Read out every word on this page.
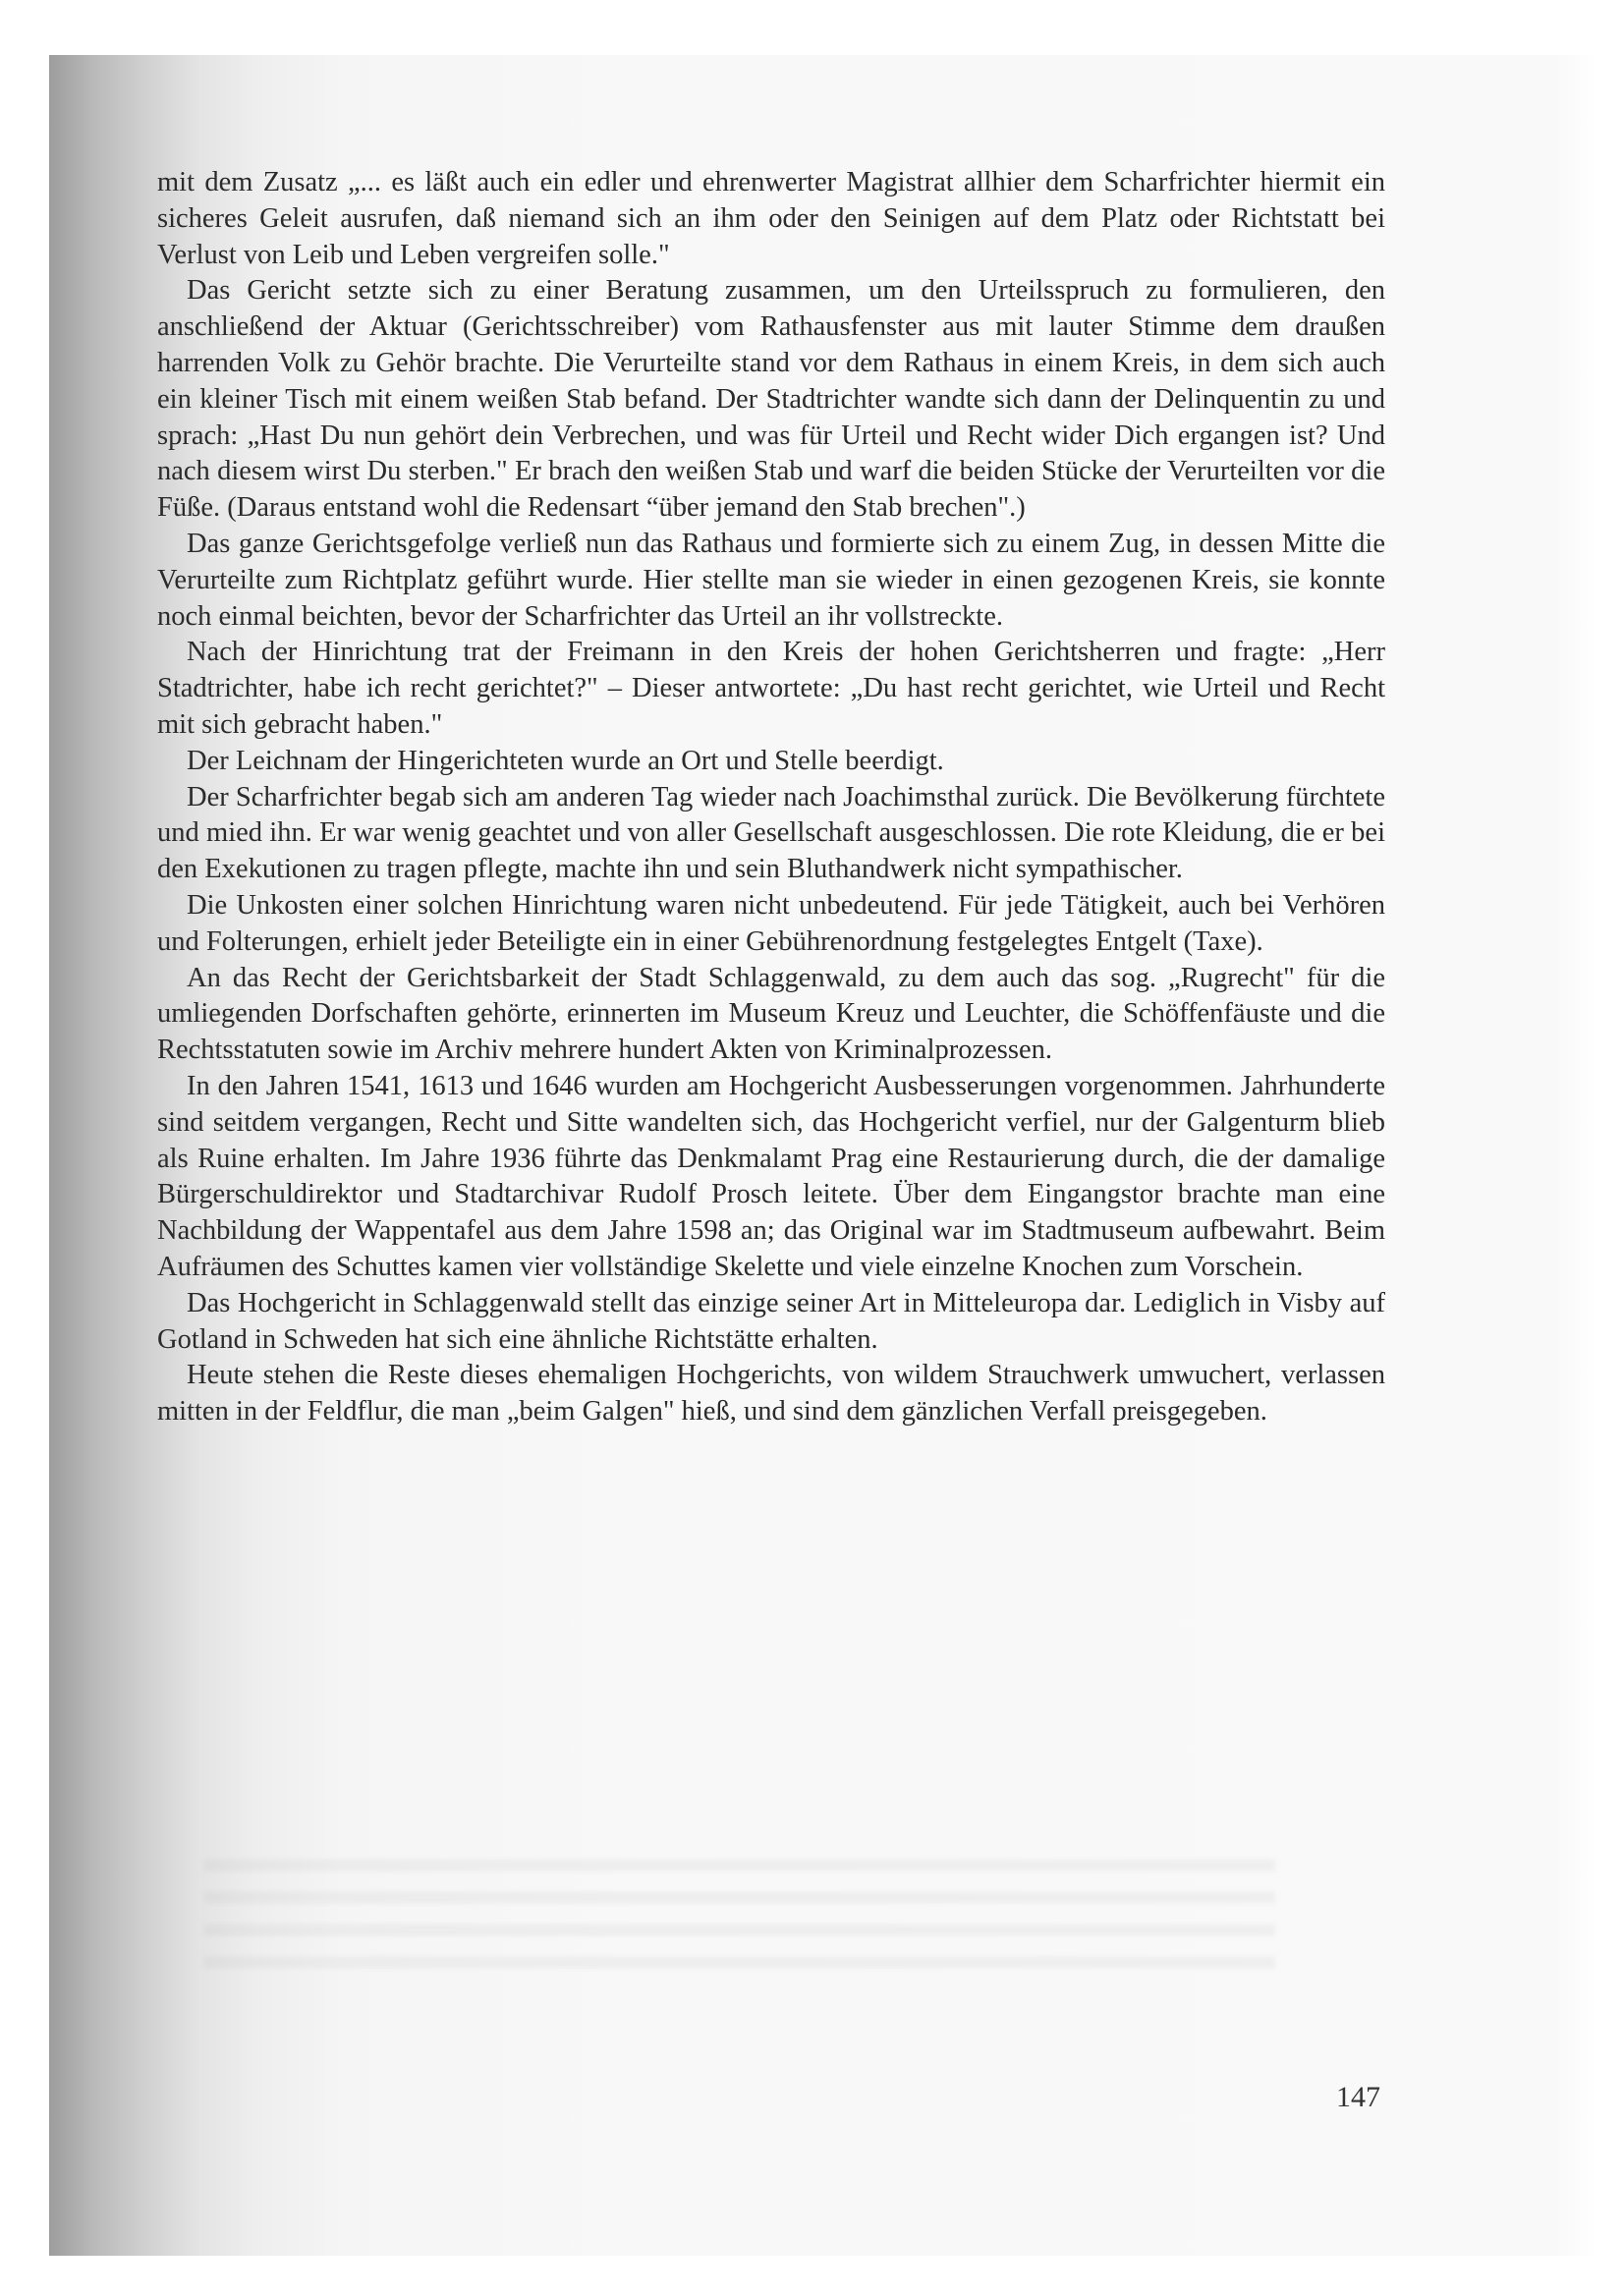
mit dem Zusatz „... es läßt auch ein edler und ehrenwerter Magistrat allhier dem Scharfrichter hiermit ein sicheres Geleit ausrufen, daß niemand sich an ihm oder den Seinigen auf dem Platz oder Richtstatt bei Verlust von Leib und Leben vergreifen solle."

Das Gericht setzte sich zu einer Beratung zusammen, um den Urteilsspruch zu formulieren, den anschließend der Aktuar (Gerichtsschreiber) vom Rathausfenster aus mit lauter Stimme dem draußen harrenden Volk zu Gehör brachte. Die Verurteilte stand vor dem Rathaus in einem Kreis, in dem sich auch ein kleiner Tisch mit einem weißen Stab befand. Der Stadtrichter wandte sich dann der Delinquentin zu und sprach: „Hast Du nun gehört dein Verbrechen, und was für Urteil und Recht wider Dich ergangen ist? Und nach diesem wirst Du sterben." Er brach den weißen Stab und warf die beiden Stücke der Verurteilten vor die Füße. (Daraus entstand wohl die Redensart “über jemand den Stab brechen".)

Das ganze Gerichtsgefolge verließ nun das Rathaus und formierte sich zu einem Zug, in dessen Mitte die Verurteilte zum Richtplatz geführt wurde. Hier stellte man sie wieder in einen gezogenen Kreis, sie konnte noch einmal beichten, bevor der Scharfrichter das Urteil an ihr vollstreckte.

Nach der Hinrichtung trat der Freimann in den Kreis der hohen Gerichtsherren und fragte: „Herr Stadtrichter, habe ich recht gerichtet?" – Dieser antwortete: „Du hast recht gerichtet, wie Urteil und Recht mit sich gebracht haben."

Der Leichnam der Hingerichteten wurde an Ort und Stelle beerdigt.

Der Scharfrichter begab sich am anderen Tag wieder nach Joachimsthal zurück. Die Bevölkerung fürchtete und mied ihn. Er war wenig geachtet und von aller Gesellschaft ausgeschlossen. Die rote Kleidung, die er bei den Exekutionen zu tragen pflegte, machte ihn und sein Bluthandwerk nicht sympathischer.

Die Unkosten einer solchen Hinrichtung waren nicht unbedeutend. Für jede Tätigkeit, auch bei Verhören und Folterungen, erhielt jeder Beteiligte ein in einer Gebührenordnung festgelegtes Entgelt (Taxe).

An das Recht der Gerichtsbarkeit der Stadt Schlaggenwald, zu dem auch das sog. „Rugrecht" für die umliegenden Dorfschaften gehörte, erinnerten im Museum Kreuz und Leuchter, die Schöffenfäuste und die Rechtsstatuten sowie im Archiv mehrere hundert Akten von Kriminalprozessen.

In den Jahren 1541, 1613 und 1646 wurden am Hochgericht Ausbesserungen vorgenommen. Jahrhunderte sind seitdem vergangen, Recht und Sitte wandelten sich, das Hochgericht verfiel, nur der Galgenturm blieb als Ruine erhalten. Im Jahre 1936 führte das Denkmalamt Prag eine Restaurierung durch, die der damalige Bürgerschuldirektor und Stadtarchivar Rudolf Prosch leitete. Über dem Eingangstor brachte man eine Nachbildung der Wappentafel aus dem Jahre 1598 an; das Original war im Stadtmuseum aufbewahrt. Beim Aufräumen des Schuttes kamen vier vollständige Skelette und viele einzelne Knochen zum Vorschein.

Das Hochgericht in Schlaggenwald stellt das einzige seiner Art in Mitteleuropa dar. Lediglich in Visby auf Gotland in Schweden hat sich eine ähnliche Richtstätte erhalten.

Heute stehen die Reste dieses ehemaligen Hochgerichts, von wildem Strauchwerk umwuchert, verlassen mitten in der Feldflur, die man „beim Galgen" hieß, und sind dem gänzlichen Verfall preisgegeben.

147
